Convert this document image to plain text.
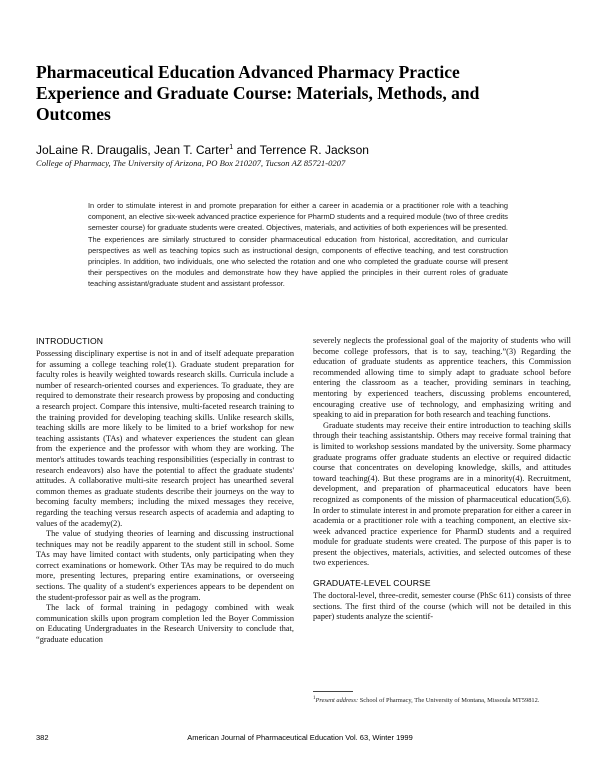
Pharmaceutical Education Advanced Pharmacy Practice Experience and Graduate Course: Materials, Methods, and Outcomes
JoLaine R. Draugalis, Jean T. Carter$^1$ and Terrence R. Jackson
College of Pharmacy, The University of Arizona, PO Box 210207, Tucson AZ 85721-0207

In order to stimulate interest in and promote preparation for either a career in academia or a practitioner role with a teaching component, an elective six-week advanced practice experience for PharmD students and a required module (two of three credits semester course) for graduate students were created. Objectives, materials, and activities of both experiences will be presented. The experiences are similarly structured to consider pharmaceutical education from historical, accreditation, and curricular perspectives as well as teaching topics such as instructional design, components of effective teaching, and test construction principles. In addition, two individuals, one who selected the rotation and one who completed the graduate course will present their perspectives on the modules and demonstrate how they have applied the principles in their current roles of graduate teaching assistant/graduate student and assistant professor.

INTRODUCTION

Possessing disciplinary expertise is not in and of itself adequate preparation for assuming a college teaching role(1). Graduate student preparation for faculty roles is heavily weighted towards research skills. Curricula include a number of research-oriented courses and experiences. To graduate, they are required to demonstrate their research prowess by proposing and conducting a research project. Compare this intensive, multi-faceted research training to the training provided for developing teaching skills. Unlike research skills, teaching skills are more likely to be limited to a brief workshop for new teaching assistants (TAs) and whatever experiences the student can glean from the experience and the professor with whom they are working. The mentor's attitudes towards teaching responsibilities (especially in contrast to research endeavors) also have the potential to affect the graduate students' attitudes. A collaborative multi-site research project has unearthed several common themes as graduate students describe their journeys on the way to becoming faculty members; including the mixed messages they receive, regarding the teaching versus research aspects of academia and adapting to values of the academy(2).

The value of studying theories of learning and discussing instructional techniques may not be readily apparent to the student still in school. Some TAs may have limited contact with students, only participating when they correct examinations or homework. Other TAs may be required to do much more, presenting lectures, preparing entire examinations, or overseeing sections. The quality of a student's experiences appears to be dependent on the student-professor pair as well as the program.

The lack of formal training in pedagogy combined with weak communication skills upon program completion led the Boyer Commission on Educating Undergraduates in the Research University to conclude that, “graduate education

severely neglects the professional goal of the majority of students who will become college professors, that is to say, teaching.”(3) Regarding the education of graduate students as apprentice teachers, this Commission recommended allowing time to simply adapt to graduate school before entering the classroom as a teacher, providing seminars in teaching, mentoring by experienced teachers, discussing problems encountered, encouraging creative use of technology, and emphasizing writing and speaking to aid in preparation for both research and teaching functions.

Graduate students may receive their entire introduction to teaching skills through their teaching assistantship. Others may receive formal training that is limited to workshop sessions mandated by the university. Some pharmacy graduate programs offer graduate students an elective or required didactic course that concentrates on developing knowledge, skills, and attitudes toward teaching(4). But these programs are in a minority(4). Recruitment, development, and preparation of pharmaceutical educators have been recognized as components of the mission of pharmaceutical education(5,6). In order to stimulate interest in and promote preparation for either a career in academia or a practitioner role with a teaching component, an elective six-week advanced practice experience for PharmD students and a required module for graduate students were created. The purpose of this paper is to present the objectives, materials, activities, and selected outcomes of these two experiences.

GRADUATE-LEVEL COURSE

The doctoral-level, three-credit, semester course (PhSc 611) consists of three sections. The first third of the course (which will not be detailed in this paper) students analyze the scientif-

$^1$Present address: School of Pharmacy, The University of Montana, Missoula MT59812.
382	American Journal of Pharmaceutical Education Vol. 63, Winter 1999
